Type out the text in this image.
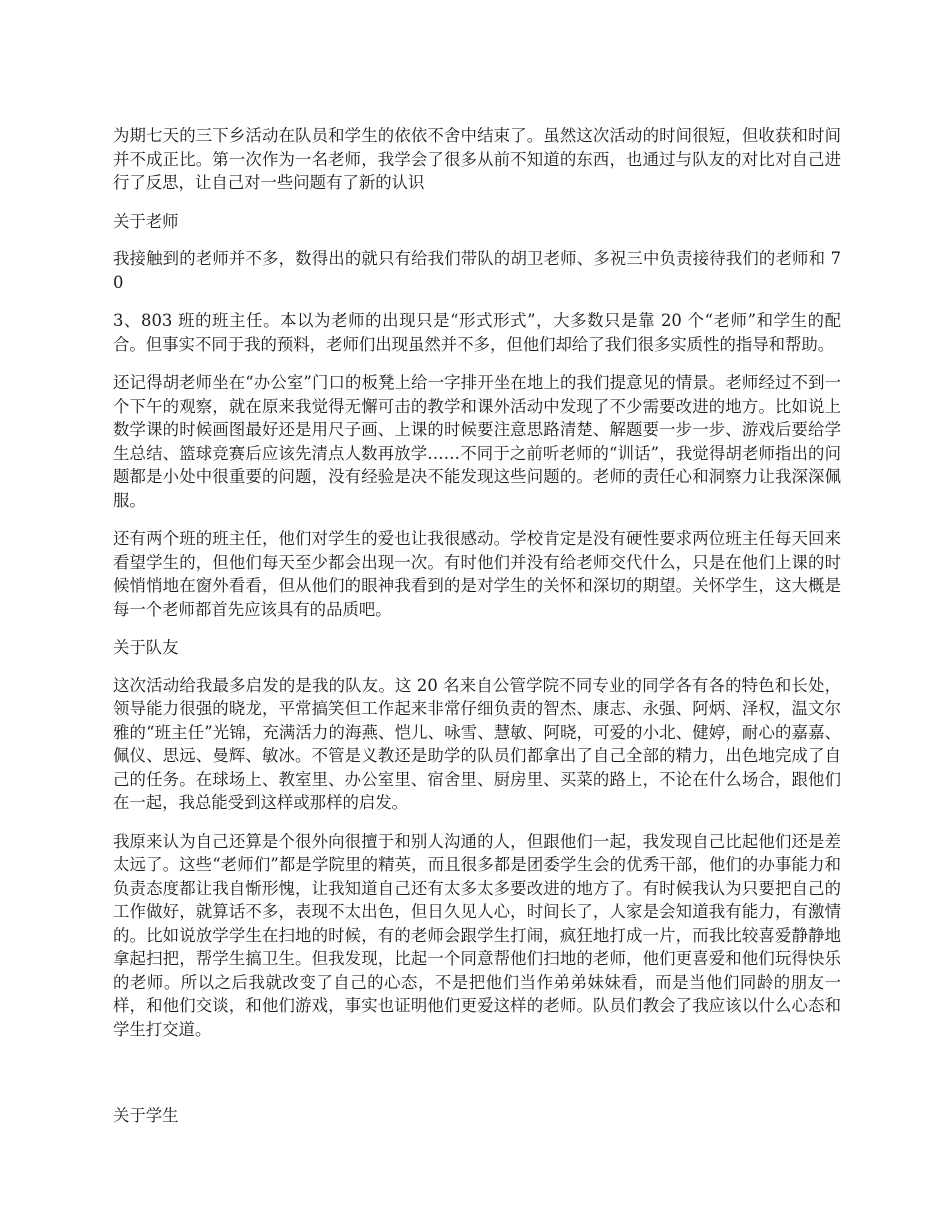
为期七天的三下乡活动在队员和学生的依依不舍中结束了。虽然这次活动的时间很短，但收获和时间并不成正比。第一次作为一名老师，我学会了很多从前不知道的东西，也通过与队友的对比对自己进行了反思，让自己对一些问题有了新的认识

关于老师

我接触到的老师并不多，数得出的就只有给我们带队的胡卫老师、多祝三中负责接待我们的老师和 70

3、803 班的班主任。本以为老师的出现只是“形式形式”，大多数只是靠 20 个“老师”和学生的配合。但事实不同于我的预料，老师们出现虽然并不多，但他们却给了我们很多实质性的指导和帮助。

还记得胡老师坐在“办公室”门口的板凳上给一字排开坐在地上的我们提意见的情景。老师经过不到一个下午的观察，就在原来我觉得无懈可击的教学和课外活动中发现了不少需要改进的地方。比如说上数学课的时候画图最好还是用尺子画、上课的时候要注意思路清楚、解题要一步一步、游戏后要给学生总结、篮球竞赛后应该先清点人数再放学……不同于之前听老师的“训话”，我觉得胡老师指出的问题都是小处中很重要的问题，没有经验是决不能发现这些问题的。老师的责任心和洞察力让我深深佩服。

还有两个班的班主任，他们对学生的爱也让我很感动。学校肯定是没有硬性要求两位班主任每天回来看望学生的，但他们每天至少都会出现一次。有时他们并没有给老师交代什么，只是在他们上课的时候悄悄地在窗外看看，但从他们的眼神我看到的是对学生的关怀和深切的期望。关怀学生，这大概是每一个老师都首先应该具有的品质吧。

关于队友

这次活动给我最多启发的是我的队友。这 20 名来自公管学院不同专业的同学各有各的特色和长处，领导能力很强的晓龙，平常搞笑但工作起来非常仔细负责的智杰、康志、永强、阿炳、泽权，温文尔雅的“班主任”光锦，充满活力的海燕、恺儿、咏雪、慧敏、阿晓，可爱的小北、健婷，耐心的嘉嘉、佩仪、思远、曼辉、敏冰。不管是义教还是助学的队员们都拿出了自己全部的精力，出色地完成了自己的任务。在球场上、教室里、办公室里、宿舍里、厨房里、买菜的路上，不论在什么场合，跟他们在一起，我总能受到这样或那样的启发。

我原来认为自己还算是个很外向很擅于和别人沟通的人，但跟他们一起，我发现自己比起他们还是差太远了。这些“老师们”都是学院里的精英，而且很多都是团委学生会的优秀干部，他们的办事能力和负责态度都让我自惭形愧，让我知道自己还有太多太多要改进的地方了。有时候我认为只要把自己的工作做好，就算话不多，表现不太出色，但日久见人心，时间长了，人家是会知道我有能力，有激情的。比如说放学学生在扫地的时候，有的老师会跟学生打闹，疯狂地打成一片，而我比较喜爱静静地拿起扫把，帮学生搞卫生。但我发现，比起一个同意帮他们扫地的老师，他们更喜爱和他们玩得快乐的老师。所以之后我就改变了自己的心态，不是把他们当作弟弟妹妹看，而是当他们同龄的朋友一样，和他们交谈，和他们游戏，事实也证明他们更爱这样的老师。队员们教会了我应该以什么心态和学生打交道。

关于学生
